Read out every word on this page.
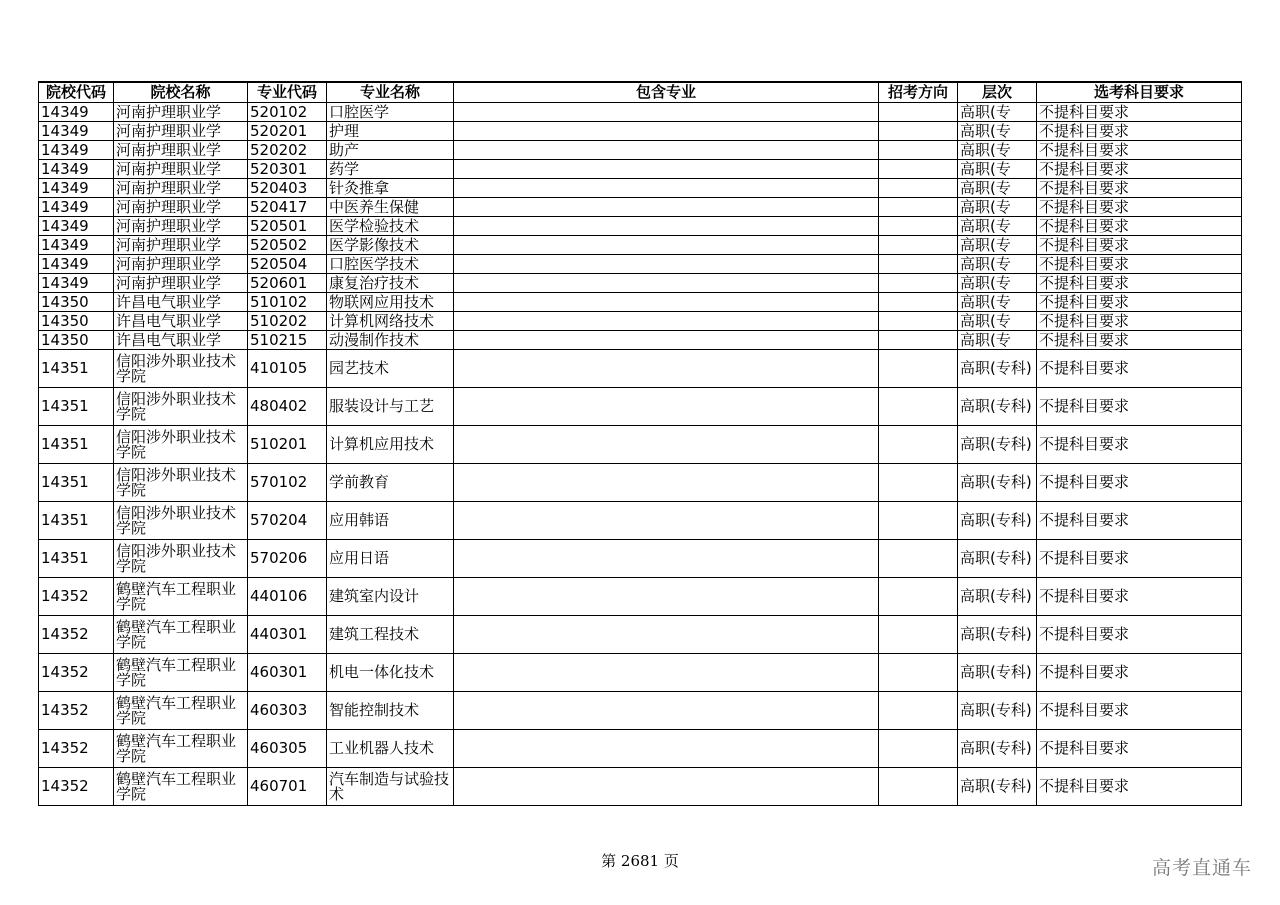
院校代码	院校名称	专业代码	专业名称	包含专业	招考方向	层次	选考科目要求
14349	河南护理职业学	520102	口腔医学			高职(专	不提科目要求
14349	河南护理职业学	520201	护理			高职(专	不提科目要求
14349	河南护理职业学	520202	助产			高职(专	不提科目要求
14349	河南护理职业学	520301	药学			高职(专	不提科目要求
14349	河南护理职业学	520403	针灸推拿			高职(专	不提科目要求
14349	河南护理职业学	520417	中医养生保健			高职(专	不提科目要求
14349	河南护理职业学	520501	医学检验技术			高职(专	不提科目要求
14349	河南护理职业学	520502	医学影像技术			高职(专	不提科目要求
14349	河南护理职业学	520504	口腔医学技术			高职(专	不提科目要求
14349	河南护理职业学	520601	康复治疗技术			高职(专	不提科目要求
14350	许昌电气职业学	510102	物联网应用技术			高职(专	不提科目要求
14350	许昌电气职业学	510202	计算机网络技术			高职(专	不提科目要求
14350	许昌电气职业学	510215	动漫制作技术			高职(专	不提科目要求
14351	信阳涉外职业技术学院	410105	园艺技术			高职(专科)	不提科目要求
14351	信阳涉外职业技术学院	480402	服装设计与工艺			高职(专科)	不提科目要求
14351	信阳涉外职业技术学院	510201	计算机应用技术			高职(专科)	不提科目要求
14351	信阳涉外职业技术学院	570102	学前教育			高职(专科)	不提科目要求
14351	信阳涉外职业技术学院	570204	应用韩语			高职(专科)	不提科目要求
14351	信阳涉外职业技术学院	570206	应用日语			高职(专科)	不提科目要求
14352	鹤壁汽车工程职业学院	440106	建筑室内设计			高职(专科)	不提科目要求
14352	鹤壁汽车工程职业学院	440301	建筑工程技术			高职(专科)	不提科目要求
14352	鹤壁汽车工程职业学院	460301	机电一体化技术			高职(专科)	不提科目要求
14352	鹤壁汽车工程职业学院	460303	智能控制技术			高职(专科)	不提科目要求
14352	鹤壁汽车工程职业学院	460305	工业机器人技术			高职(专科)	不提科目要求
14352	鹤壁汽车工程职业学院	460701	汽车制造与试验技术			高职(专科)	不提科目要求
第 2681 页	高考直通车
